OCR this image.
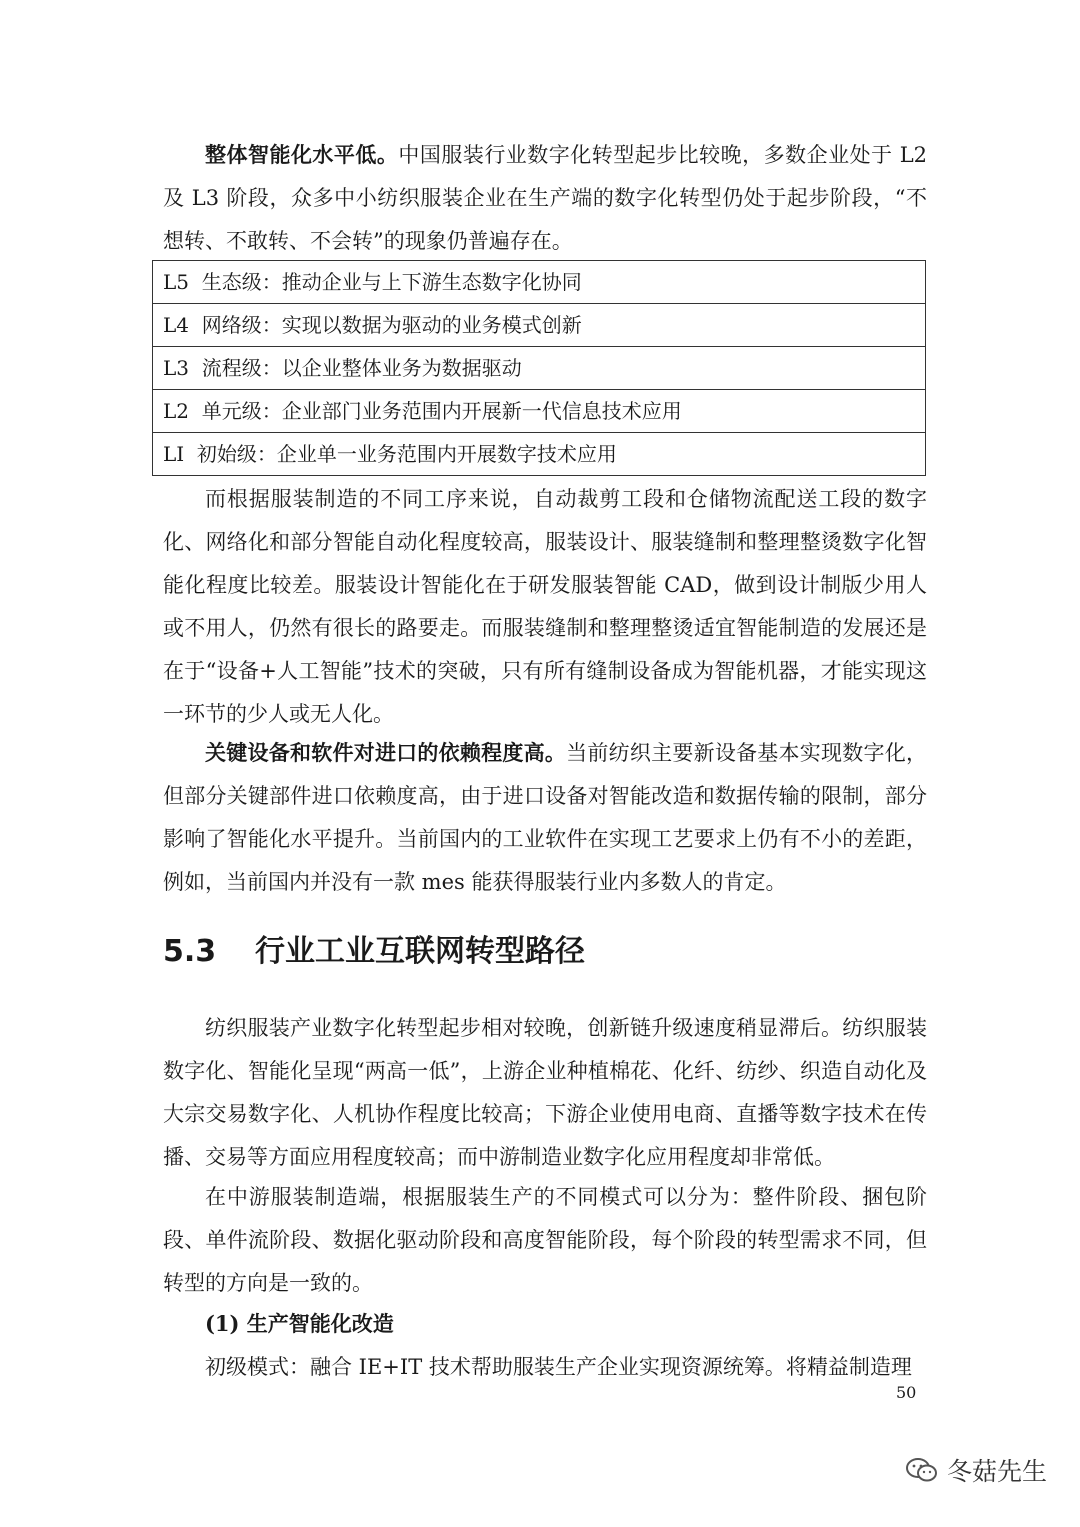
整体智能化水平低。中国服装行业数字化转型起步比较晚，多数企业处于 L2 及 L3 阶段，众多中小纺织服装企业在生产端的数字化转型仍处于起步阶段，“不想转、不敢转、不会转”的现象仍普遍存在。

L5 生态级：推动企业与上下游生态数字化协同
L4 网络级：实现以数据为驱动的业务模式创新
L3 流程级：以企业整体业务为数据驱动
L2 单元级：企业部门业务范围内开展新一代信息技术应用
LI 初始级：企业单一业务范围内开展数字技术应用

而根据服装制造的不同工序来说，自动裁剪工段和仓储物流配送工段的数字化、网络化和部分智能自动化程度较高，服装设计、服装缝制和整理整烫数字化智能化程度比较差。服装设计智能化在于研发服装智能 CAD，做到设计制版少用人或不用人，仍然有很长的路要走。而服装缝制和整理整烫适宜智能制造的发展还是在于“设备+人工智能”技术的突破，只有所有缝制设备成为智能机器，才能实现这一环节的少人或无人化。

关键设备和软件对进口的依赖程度高。当前纺织主要新设备基本实现数字化，但部分关键部件进口依赖度高，由于进口设备对智能改造和数据传输的限制，部分影响了智能化水平提升。当前国内的工业软件在实现工艺要求上仍有不小的差距，例如，当前国内并没有一款 mes 能获得服装行业内多数人的肯定。

5.3 行业工业互联网转型路径

纺织服装产业数字化转型起步相对较晚，创新链升级速度稍显滞后。纺织服装数字化、智能化呈现“两高一低”，上游企业种植棉花、化纤、纺纱、织造自动化及大宗交易数字化、人机协作程度比较高；下游企业使用电商、直播等数字技术在传播、交易等方面应用程度较高；而中游制造业数字化应用程度却非常低。

在中游服装制造端，根据服装生产的不同模式可以分为：整件阶段、捆包阶段、单件流阶段、数据化驱动阶段和高度智能阶段，每个阶段的转型需求不同，但转型的方向是一致的。

(1) 生产智能化改造

初级模式：融合 IE+IT 技术帮助服装生产企业实现资源统筹。将精益制造理

50
冬菇先生
